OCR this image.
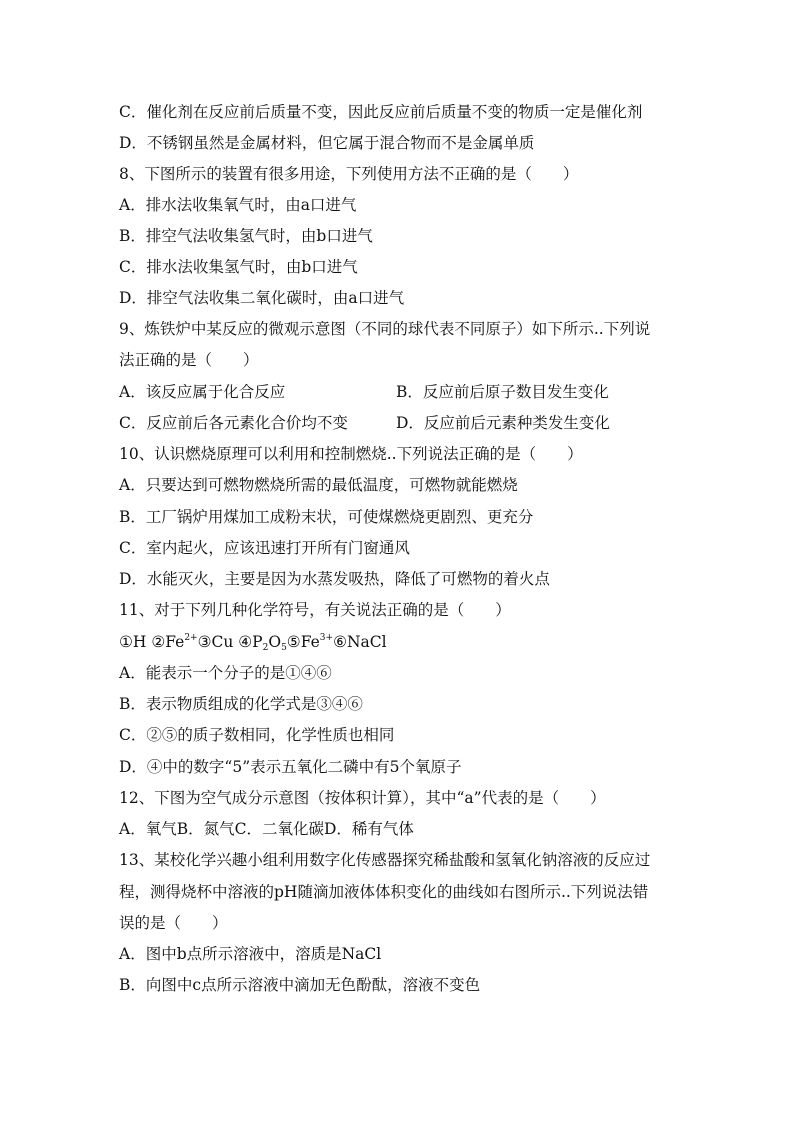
C．催化剂在反应前后质量不变，因此反应前后质量不变的物质一定是催化剂
D．不锈钢虽然是金属材料，但它属于混合物而不是金属单质
8、下图所示的装置有很多用途，下列使用方法不正确的是（　　）
A．排水法收集氧气时，由a口进气
B．排空气法收集氢气时，由b口进气
C．排水法收集氢气时，由b口进气
D．排空气法收集二氧化碳时，由a口进气
9、炼铁炉中某反应的微观示意图（不同的球代表不同原子）如下所示..下列说
法正确的是（　　）
A．该反应属于化合反应	B．反应前后原子数目发生变化
C．反应前后各元素化合价均不变	D．反应前后元素种类发生变化
10、认识燃烧原理可以利用和控制燃烧..下列说法正确的是（　　）
A．只要达到可燃物燃烧所需的最低温度，可燃物就能燃烧
B．工厂锅炉用煤加工成粉末状，可使煤燃烧更剧烈、更充分
C．室内起火，应该迅速打开所有门窗通风
D．水能灭火，主要是因为水蒸发吸热，降低了可燃物的着火点
11、对于下列几种化学符号，有关说法正确的是（　　）
①H $②Fe^{2+}③Cu$ $④P_2O_5⑤Fe^{3+}⑥NaCl$
A．能表示一个分子的是①④⑥
B．表示物质组成的化学式是③④⑥
C．②⑤的质子数相同，化学性质也相同
D．④中的数字“5”表示五氧化二磷中有5个氧原子
12、下图为空气成分示意图（按体积计算），其中“a”代表的是（　　）
A．氧气B．氮气C．二氧化碳D．稀有气体
13、某校化学兴趣小组利用数字化传感器探究稀盐酸和氢氧化钠溶液的反应过
程，测得烧杯中溶液的pH随滴加液体体积变化的曲线如右图所示..下列说法错
误的是（　　）
A．图中b点所示溶液中，溶质是NaCl
B．向图中c点所示溶液中滴加无色酚酞，溶液不变色
